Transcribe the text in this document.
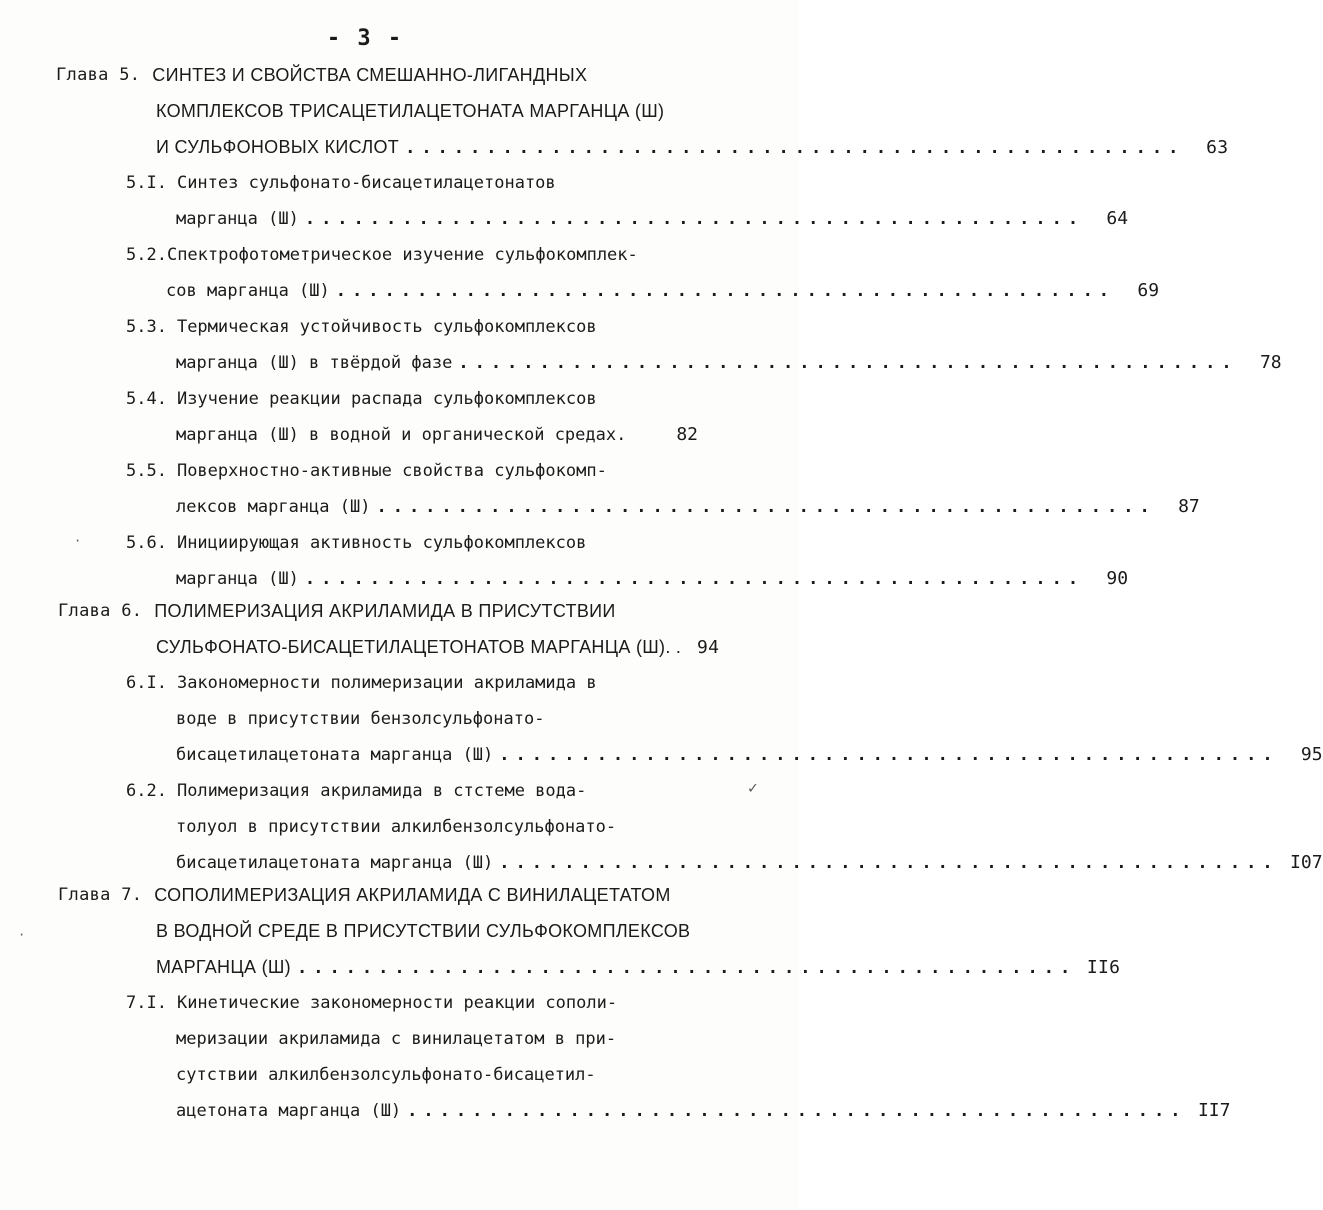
- 3 -
Глава 5. СИНТЕЗ И СВОЙСТВА СМЕШАННО-ЛИГАНДНЫХ
КОМПЛЕКСОВ ТРИСАЦЕТИЛАЦЕТОНАТА МАРГАНЦА (Ш)
И СУЛЬФОНОВЫХ КИСЛОТ ................................................	63
5.I. Синтез сульфонато-бисацетилацетонатов
марганца (Ш) ................................................	64
5.2.Спектрофотометрическое изучение сульфокомплек-
сов марганца (Ш) ................................................	69
5.3. Термическая устойчивость сульфокомплексов
марганца (Ш) в твёрдой фазе ................................................	78
5.4. Изучение реакции распада сульфокомплексов
марганца (Ш) в водной и органической средах.	82
5.5. Поверхностно-активные свойства сульфокомп-
лексов марганца (Ш) ................................................	87
5.6. Инициирующая активность сульфокомплексов
марганца (Ш) ................................................	90
Глава 6. ПОЛИМЕРИЗАЦИЯ АКРИЛАМИДА В ПРИСУТСТВИИ
СУЛЬФОНАТО-БИСАЦЕТИЛАЦЕТОНАТОВ МАРГАНЦА (Ш). . 94
6.I. Закономерности полимеризации акриламида в
воде в присутствии бензолсульфонато-
бисацетилацетоната марганца (Ш) ................................................	95
6.2. Полимеризация акриламида в стстеме вода-
толуол в присутствии алкилбензолсульфонато-
бисацетилацетоната марганца (Ш) ................................................ I07
Глава 7. СОПОЛИМЕРИЗАЦИЯ АКРИЛАМИДА С ВИНИЛАЦЕТАТОМ
В ВОДНОЙ СРЕДЕ В ПРИСУТСТВИИ СУЛЬФОКОМПЛЕКСОВ
МАРГАНЦА (Ш) ................................................ II6
7.I. Кинетические закономерности реакции сополи-
меризации акриламида с винилацетатом в при-
сутствии алкилбензолсульфонато-бисацетил-
ацетоната марганца (Ш) ................................................ II7
·
·
✓
